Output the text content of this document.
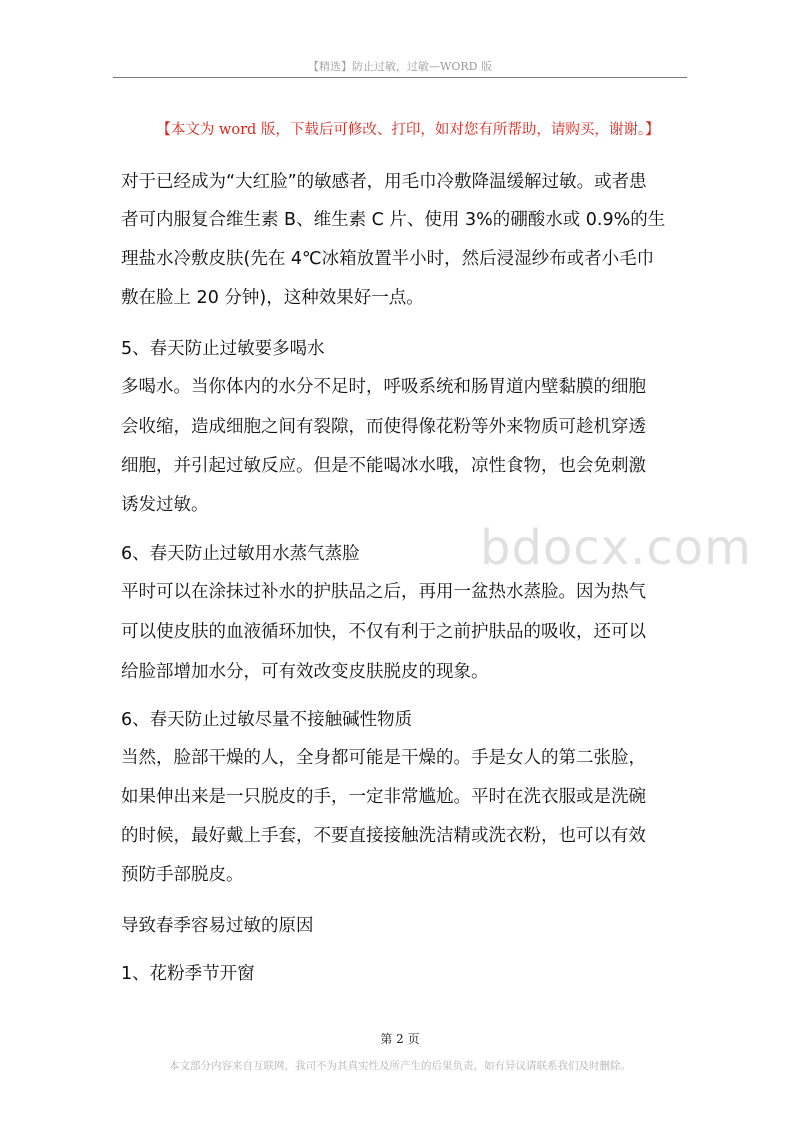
【精选】防止过敏，过敏—WORD 版
【本文为 word 版，下载后可修改、打印，如对您有所帮助，请购买，谢谢。】
bdocx.com
对于已经成为“大红脸”的敏感者，用毛巾冷敷降温缓解过敏。或者患
者可内服复合维生素 B、维生素 C 片、使用 3%的硼酸水或 0.9%的生
理盐水冷敷皮肤(先在 4℃冰箱放置半小时，然后浸湿纱布或者小毛巾
敷在脸上 20 分钟)，这种效果好一点。
5、春天防止过敏要多喝水
多喝水。当你体内的水分不足时，呼吸系统和肠胃道内壁黏膜的细胞
会收缩，造成细胞之间有裂隙，而使得像花粉等外来物质可趁机穿透
细胞，并引起过敏反应。但是不能喝冰水哦，凉性食物，也会免刺激
诱发过敏。
6、春天防止过敏用水蒸气蒸脸
平时可以在涂抹过补水的护肤品之后，再用一盆热水蒸脸。因为热气
可以使皮肤的血液循环加快，不仅有利于之前护肤品的吸收，还可以
给脸部增加水分，可有效改变皮肤脱皮的现象。
6、春天防止过敏尽量不接触碱性物质
当然，脸部干燥的人，全身都可能是干燥的。手是女人的第二张脸，
如果伸出来是一只脱皮的手，一定非常尴尬。平时在洗衣服或是洗碗
的时候，最好戴上手套，不要直接接触洗洁精或洗衣粉，也可以有效
预防手部脱皮。
导致春季容易过敏的原因
1、花粉季节开窗
第 2 页
本文部分内容来自互联网，我司不为其真实性及所产生的后果负责，如有异议请联系我们及时删除。
